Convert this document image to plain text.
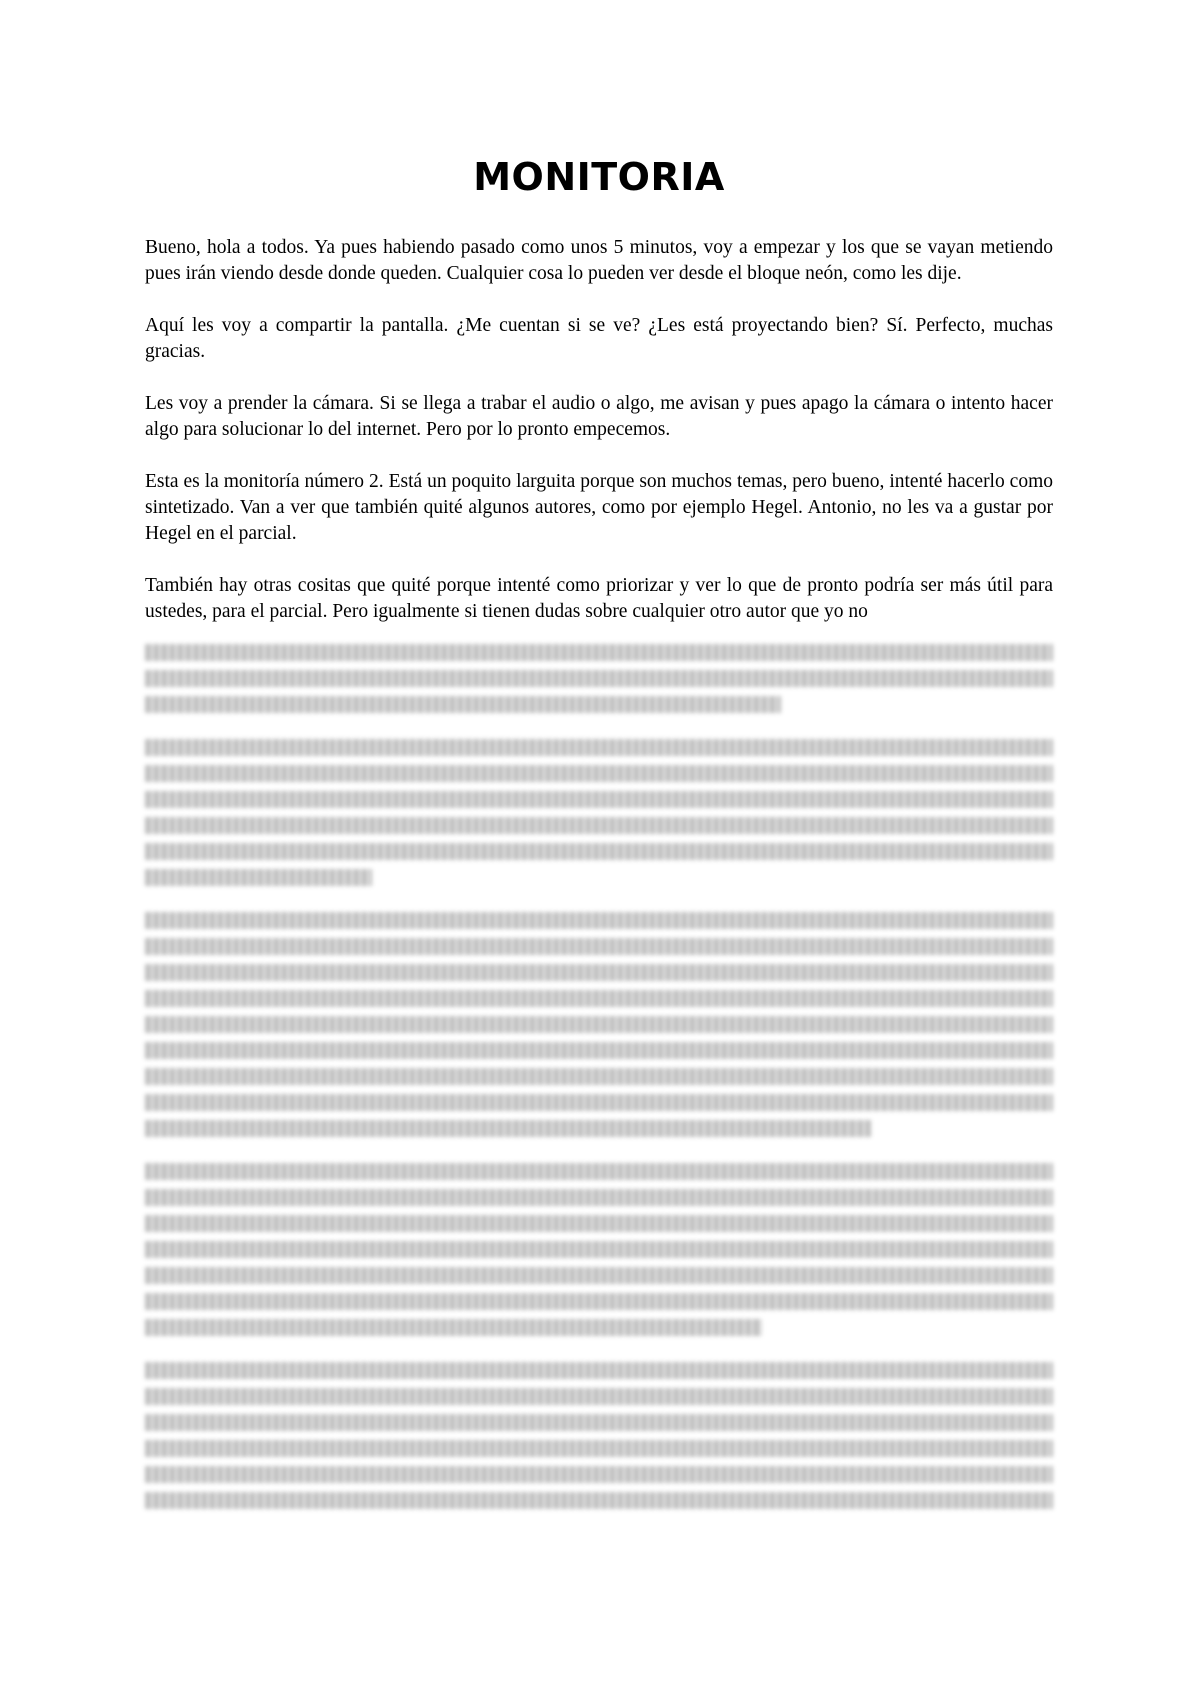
MONITORIA

Bueno, hola a todos. Ya pues habiendo pasado como unos 5 minutos, voy a empezar y los que se vayan metiendo pues irán viendo desde donde queden. Cualquier cosa lo pueden ver desde el bloque neón, como les dije.

Aquí les voy a compartir la pantalla. ¿Me cuentan si se ve? ¿Les está proyectando bien? Sí. Perfecto, muchas gracias.

Les voy a prender la cámara. Si se llega a trabar el audio o algo, me avisan y pues apago la cámara o intento hacer algo para solucionar lo del internet. Pero por lo pronto empecemos.

Esta es la monitoría número 2. Está un poquito larguita porque son muchos temas, pero bueno, intenté hacerlo como sintetizado. Van a ver que también quité algunos autores, como por ejemplo Hegel. Antonio, no les va a gustar por Hegel en el parcial.

También hay otras cositas que quité porque intenté como priorizar y ver lo que de pronto podría ser más útil para ustedes, para el parcial. Pero igualmente si tienen dudas sobre cualquier otro autor que yo no
